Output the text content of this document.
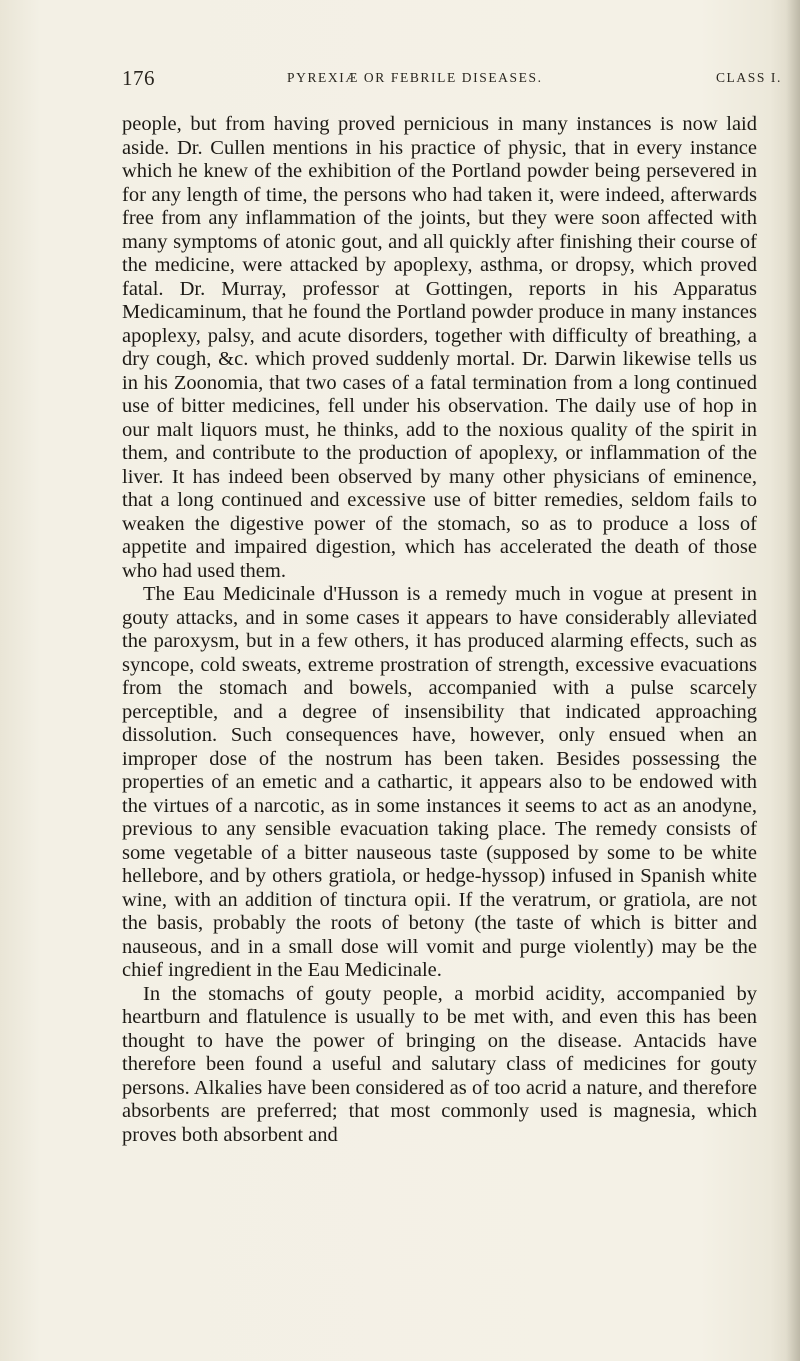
176	PYREXIÆ OR FEBRILE DISEASES.	CLASS I.

people, but from having proved pernicious in many instances is now laid aside. Dr. Cullen mentions in his practice of physic, that in every instance which he knew of the exhibition of the Portland powder being persevered in for any length of time, the persons who had taken it, were indeed, afterwards free from any inflammation of the joints, but they were soon affected with many symptoms of atonic gout, and all quickly after finishing their course of the medicine, were attacked by apoplexy, asthma, or dropsy, which proved fatal. Dr. Murray, professor at Gottingen, reports in his Apparatus Medicaminum, that he found the Portland powder produce in many instances apoplexy, palsy, and acute disorders, together with difficulty of breathing, a dry cough, &c. which proved suddenly mortal. Dr. Darwin likewise tells us in his Zoonomia, that two cases of a fatal termination from a long continued use of bitter medicines, fell under his observation. The daily use of hop in our malt liquors must, he thinks, add to the noxious quality of the spirit in them, and contribute to the production of apoplexy, or inflammation of the liver. It has indeed been observed by many other physicians of eminence, that a long continued and excessive use of bitter remedies, seldom fails to weaken the digestive power of the stomach, so as to produce a loss of appetite and impaired digestion, which has accelerated the death of those who had used them.

The Eau Medicinale d'Husson is a remedy much in vogue at present in gouty attacks, and in some cases it appears to have considerably alleviated the paroxysm, but in a few others, it has produced alarming effects, such as syncope, cold sweats, extreme prostration of strength, excessive evacuations from the stomach and bowels, accompanied with a pulse scarcely perceptible, and a degree of insensibility that indicated approaching dissolution. Such consequences have, however, only ensued when an improper dose of the nostrum has been taken. Besides possessing the properties of an emetic and a cathartic, it appears also to be endowed with the virtues of a narcotic, as in some instances it seems to act as an anodyne, previous to any sensible evacuation taking place. The remedy consists of some vegetable of a bitter nauseous taste (supposed by some to be white hellebore, and by others gratiola, or hedge-hyssop) infused in Spanish white wine, with an addition of tinctura opii. If the veratrum, or gratiola, are not the basis, probably the roots of betony (the taste of which is bitter and nauseous, and in a small dose will vomit and purge violently) may be the chief ingredient in the Eau Medicinale.

In the stomachs of gouty people, a morbid acidity, accompanied by heartburn and flatulence is usually to be met with, and even this has been thought to have the power of bringing on the disease. Antacids have therefore been found a useful and salutary class of medicines for gouty persons. Alkalies have been considered as of too acrid a nature, and therefore absorbents are preferred; that most commonly used is magnesia, which proves both absorbent and
